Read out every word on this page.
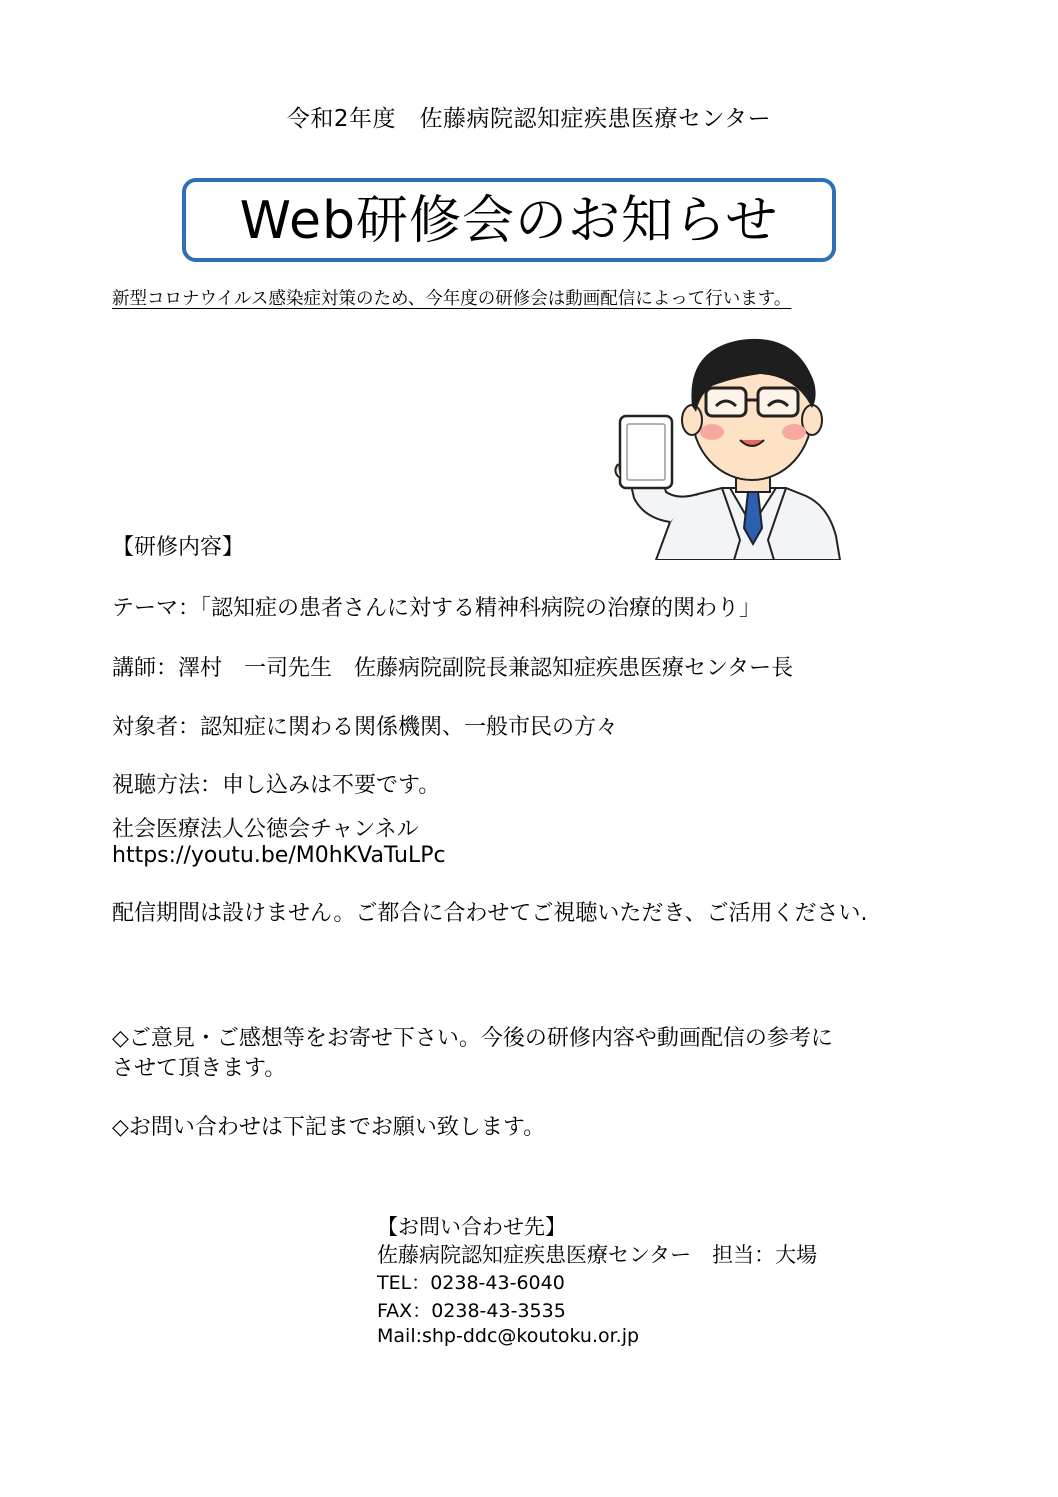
令和2年度　佐藤病院認知症疾患医療センター
Web研修会のお知らせ
新型コロナウイルス感染症対策のため、今年度の研修会は動画配信によって行います。
【研修内容】
テーマ：「認知症の患者さんに対する精神科病院の治療的関わり」
講師：澤村　一司先生　佐藤病院副院長兼認知症疾患医療センター長
対象者：認知症に関わる関係機関、一般市民の方々
視聴方法：申し込みは不要です。
社会医療法人公徳会チャンネル
https://youtu.be/M0hKVaTuLPc
配信期間は設けません。ご都合に合わせてご視聴いただき、ご活用ください.
◇ご意見・ご感想等をお寄せ下さい。今後の研修内容や動画配信の参考に
させて頂きます。
◇お問い合わせは下記までお願い致します。
【お問い合わせ先】
佐藤病院認知症疾患医療センター　担当：大場
TEL：0238-43-6040
FAX：0238-43-3535
Mail:shp-ddc@koutoku.or.jp
